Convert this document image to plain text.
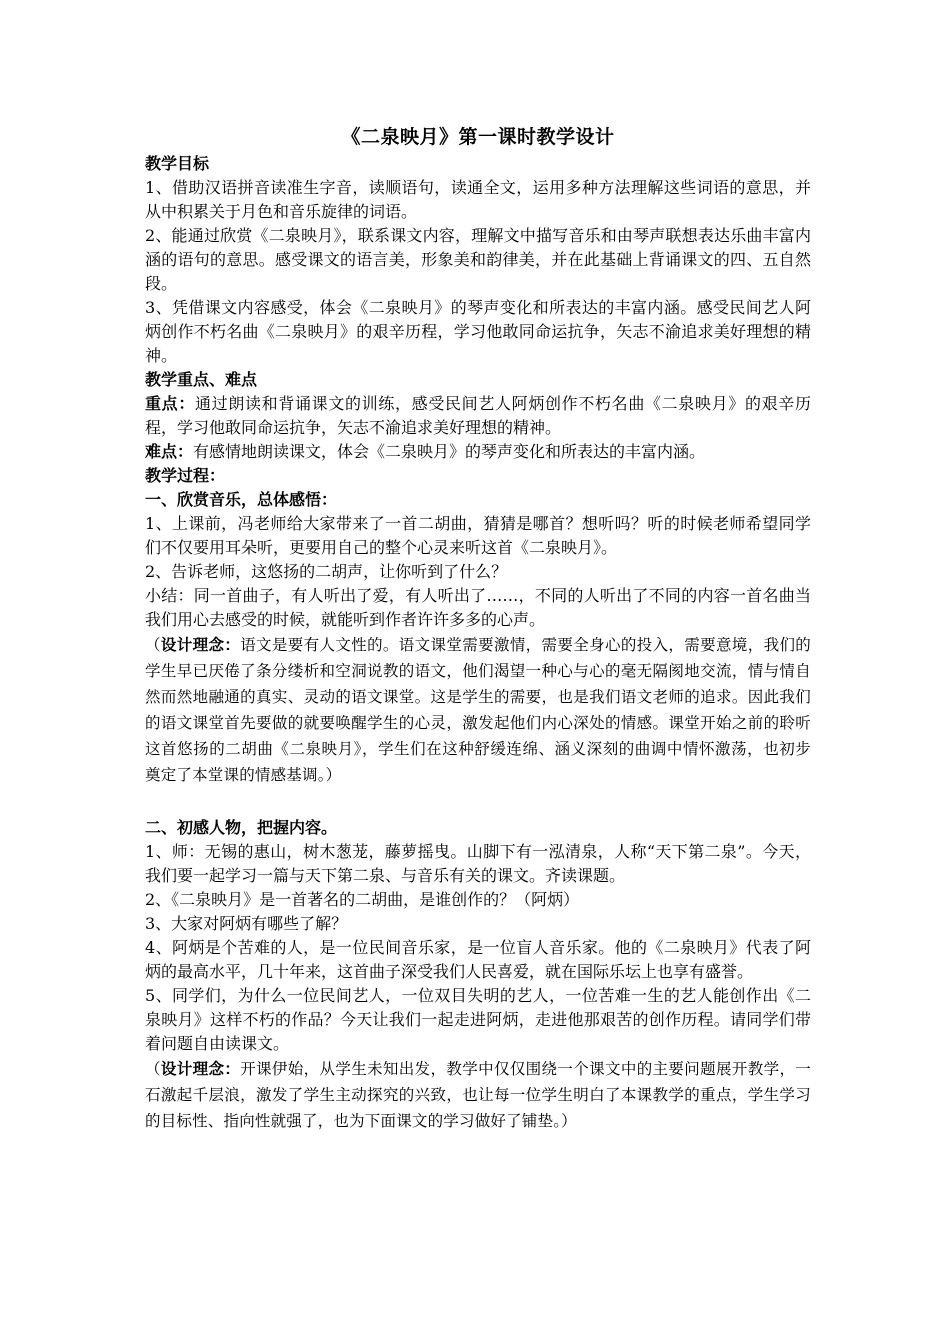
《二泉映月》第一课时教学设计

教学目标

1、借助汉语拼音读准生字音，读顺语句，读通全文，运用多种方法理解这些词语的意思，并从中积累关于月色和音乐旋律的词语。

2、能通过欣赏《二泉映月》，联系课文内容，理解文中描写音乐和由琴声联想表达乐曲丰富内涵的语句的意思。感受课文的语言美，形象美和韵律美，并在此基础上背诵课文的四、五自然段。

3、凭借课文内容感受，体会《二泉映月》的琴声变化和所表达的丰富内涵。感受民间艺人阿炳创作不朽名曲《二泉映月》的艰辛历程，学习他敢同命运抗争，矢志不渝追求美好理想的精神。

教学重点、难点

重点：通过朗读和背诵课文的训练，感受民间艺人阿炳创作不朽名曲《二泉映月》的艰辛历程，学习他敢同命运抗争，矢志不渝追求美好理想的精神。

难点：有感情地朗读课文，体会《二泉映月》的琴声变化和所表达的丰富内涵。

教学过程：

一、欣赏音乐，总体感悟：

1、上课前，冯老师给大家带来了一首二胡曲，猜猜是哪首？想听吗？听的时候老师希望同学们不仅要用耳朵听，更要用自己的整个心灵来听这首《二泉映月》。

2、告诉老师，这悠扬的二胡声，让你听到了什么？

小结：同一首曲子，有人听出了爱，有人听出了……，不同的人听出了不同的内容一首名曲当我们用心去感受的时候，就能听到作者许许多多的心声。

（设计理念：语文是要有人文性的。语文课堂需要激情，需要全身心的投入，需要意境，我们的学生早已厌倦了条分缕析和空洞说教的语文，他们渴望一种心与心的毫无隔阂地交流，情与情自然而然地融通的真实、灵动的语文课堂。这是学生的需要，也是我们语文老师的追求。因此我们的语文课堂首先要做的就要唤醒学生的心灵，激发起他们内心深处的情感。课堂开始之前的聆听这首悠扬的二胡曲《二泉映月》，学生们在这种舒缓连绵、涵义深刻的曲调中情怀激荡，也初步奠定了本堂课的情感基调。）

二、初感人物，把握内容。

1、师：无锡的惠山，树木葱茏，藤萝摇曳。山脚下有一泓清泉，人称“天下第二泉”。今天，我们要一起学习一篇与天下第二泉、与音乐有关的课文。齐读课题。

2、《二泉映月》是一首著名的二胡曲，是谁创作的？（阿炳）

3、大家对阿炳有哪些了解？

4、阿炳是个苦难的人，是一位民间音乐家，是一位盲人音乐家。他的《二泉映月》代表了阿炳的最高水平，几十年来，这首曲子深受我们人民喜爱，就在国际乐坛上也享有盛誉。

5、同学们，为什么一位民间艺人，一位双目失明的艺人，一位苦难一生的艺人能创作出《二泉映月》这样不朽的作品？今天让我们一起走进阿炳，走进他那艰苦的创作历程。请同学们带着问题自由读课文。

（设计理念：开课伊始，从学生未知出发，教学中仅仅围绕一个课文中的主要问题展开教学，一石激起千层浪，激发了学生主动探究的兴致，也让每一位学生明白了本课教学的重点，学生学习的目标性、指向性就强了，也为下面课文的学习做好了铺垫。）
